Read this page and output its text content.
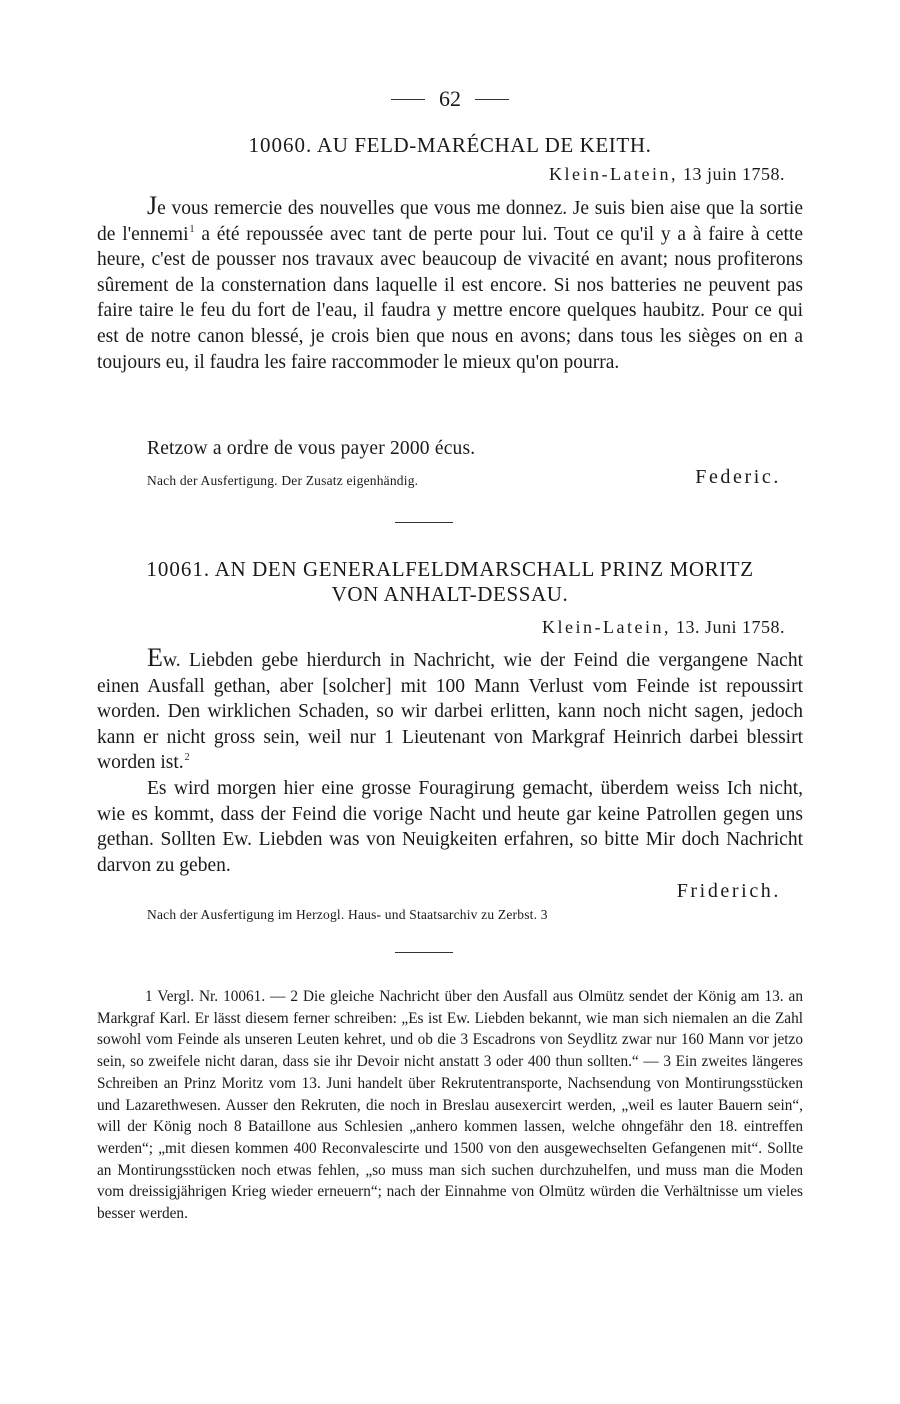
62
10060. AU FELD-MARÉCHAL DE KEITH.
Klein-Latein, 13 juin 1758.

Je vous remercie des nouvelles que vous me donnez. Je suis bien aise que la sortie de l'ennemi$^1$ a été repoussée avec tant de perte pour lui. Tout ce qu'il y a à faire à cette heure, c'est de pousser nos travaux avec beaucoup de vivacité en avant; nous profiterons sûrement de la consternation dans laquelle il est encore. Si nos batteries ne peuvent pas faire taire le feu du fort de l'eau, il faudra y mettre encore quelques haubitz. Pour ce qui est de notre canon blessé, je crois bien que nous en avons; dans tous les sièges on en a toujours eu, il faudra les faire raccommoder le mieux qu'on pourra.

Retzow a ordre de vous payer 2000 écus.
Nach der Ausfertigung. Der Zusatz eigenhändig.	Federic.
10061. AN DEN GENERALFELDMARSCHALL PRINZ MORITZ
VON ANHALT-DESSAU.
Klein-Latein, 13. Juni 1758.

Ew. Liebden gebe hierdurch in Nachricht, wie der Feind die vergangene Nacht einen Ausfall gethan, aber [solcher] mit 100 Mann Verlust vom Feinde ist repoussirt worden. Den wirklichen Schaden, so wir darbei erlitten, kann noch nicht sagen, jedoch kann er nicht gross sein, weil nur 1 Lieutenant von Markgraf Heinrich darbei blessirt worden ist.$^2$

Es wird morgen hier eine grosse Fouragirung gemacht, überdem weiss Ich nicht, wie es kommt, dass der Feind die vorige Nacht und heute gar keine Patrollen gegen uns gethan. Sollten Ew. Liebden was von Neuigkeiten erfahren, so bitte Mir doch Nachricht darvon zu geben.

Friderich.
Nach der Ausfertigung im Herzogl. Haus- und Staatsarchiv zu Zerbst. 3

1 Vergl. Nr. 10061. — 2 Die gleiche Nachricht über den Ausfall aus Olmütz sendet der König am 13. an Markgraf Karl. Er lässt diesem ferner schreiben: „Es ist Ew. Liebden bekannt, wie man sich niemalen an die Zahl sowohl vom Feinde als unseren Leuten kehret, und ob die 3 Escadrons von Seydlitz zwar nur 160 Mann vor jetzo sein, so zweifele nicht daran, dass sie ihr Devoir nicht anstatt 3 oder 400 thun sollten.“ — 3 Ein zweites längeres Schreiben an Prinz Moritz vom 13. Juni handelt über Rekrutentransporte, Nachsendung von Montirungsstücken und Lazarethwesen. Ausser den Rekruten, die noch in Breslau ausexercirt werden, „weil es lauter Bauern sein“, will der König noch 8 Bataillone aus Schlesien „anhero kommen lassen, welche ohngefähr den 18. eintreffen werden“; „mit diesen kommen 400 Reconvalescirte und 1500 von den ausgewechselten Gefangenen mit“. Sollte an Montirungsstücken noch etwas fehlen, „so muss man sich suchen durchzuhelfen, und muss man die Moden vom dreissigjährigen Krieg wieder erneuern“; nach der Einnahme von Olmütz würden die Verhältnisse um vieles besser werden.
